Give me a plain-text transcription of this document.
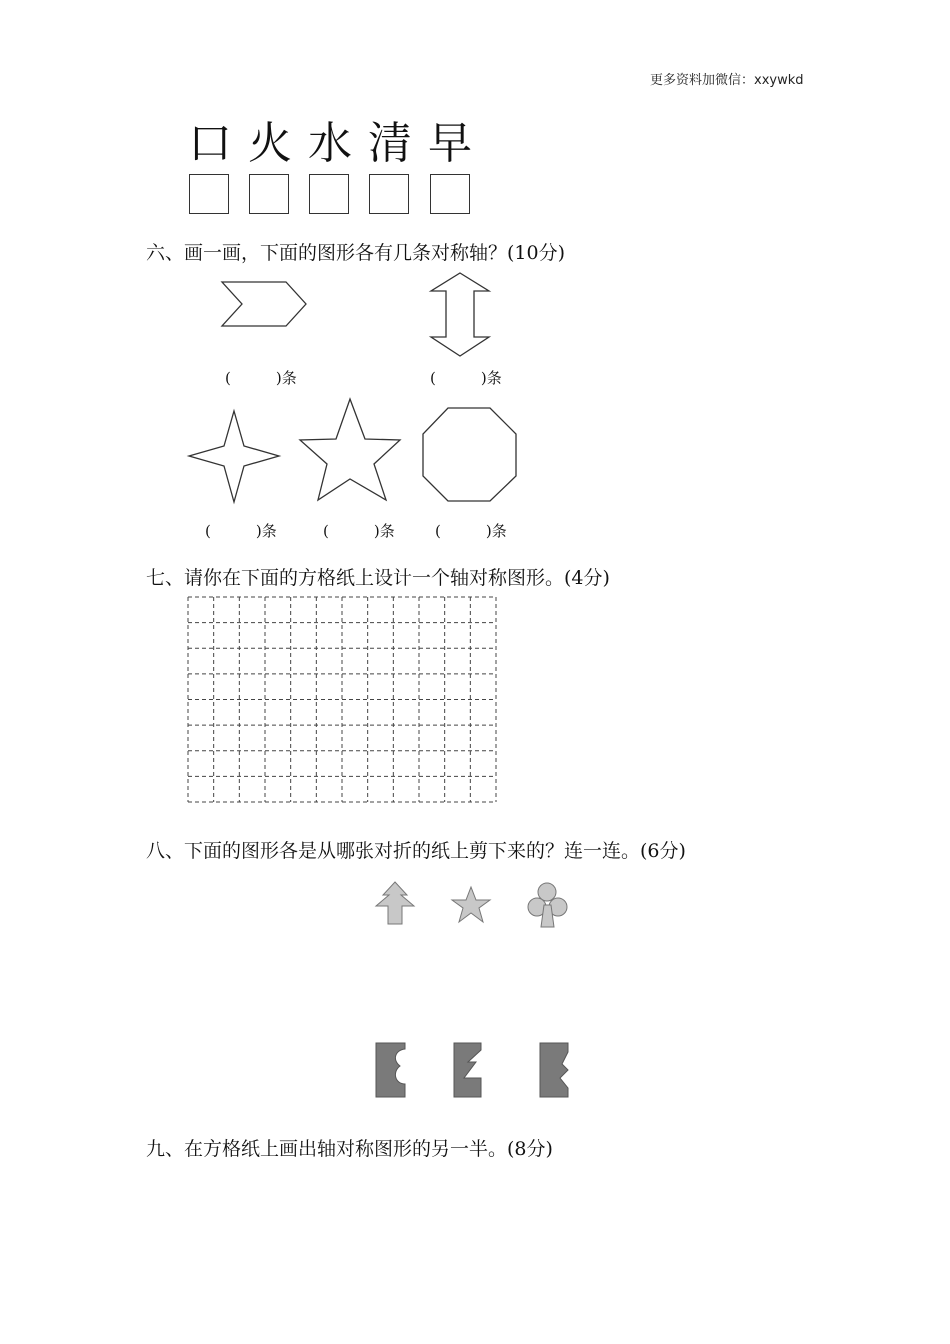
更多资料加微信：xxywkd
口 火 水 清 早
六、画一画，下面的图形各有几条对称轴？(10分)
(　　　)条	(　　　)条
(　　　)条	(　　　)条	(　　　)条
七、请你在下面的方格纸上设计一个轴对称图形。(4分)
八、下面的图形各是从哪张对折的纸上剪下来的？连一连。(6分)
九、在方格纸上画出轴对称图形的另一半。(8分)
